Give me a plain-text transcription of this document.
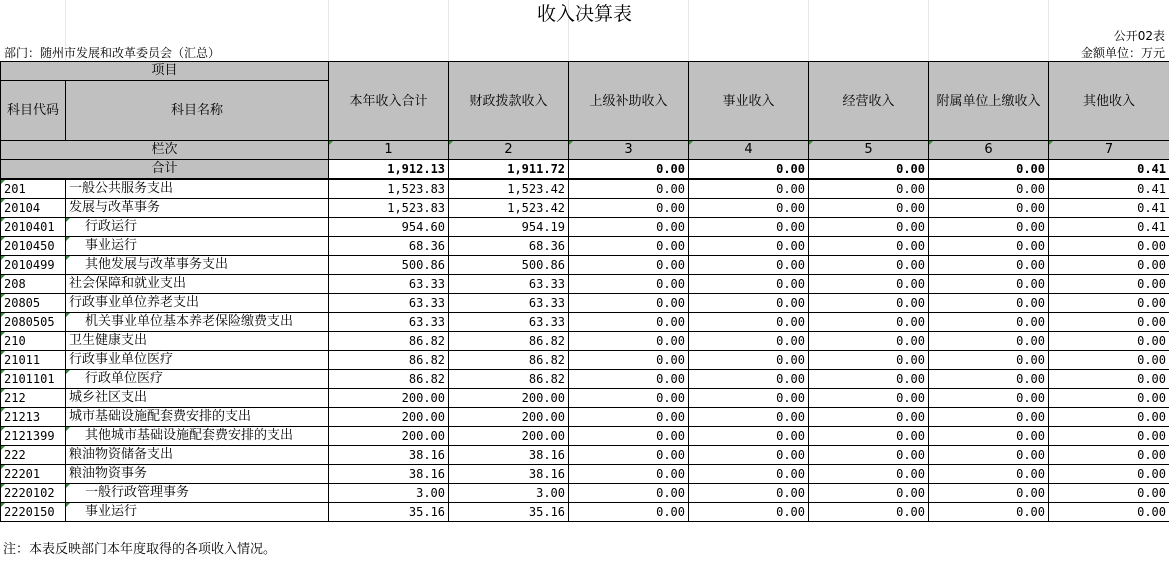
收入决算表
公开02表
部门：随州市发展和改革委员会（汇总）	金额单位：万元
项目		本年收入合计	财政拨款收入	上级补助收入	事业收入	经营收入	附属单位上缴收入	其他收入
科目代码	科目名称							

栏次		1	2	3	4	5	6	7
合计		1,912.13	1,911.72	0.00	0.00	0.00	0.00	0.41
201	一般公共服务支出	1,523.83	1,523.42	0.00	0.00	0.00	0.00	0.41
20104	发展与改革事务	1,523.83	1,523.42	0.00	0.00	0.00	0.00	0.41
2010401	行政运行	954.60	954.19	0.00	0.00	0.00	0.00	0.41
2010450	事业运行	68.36	68.36	0.00	0.00	0.00	0.00	0.00
2010499	其他发展与改革事务支出	500.86	500.86	0.00	0.00	0.00	0.00	0.00
208	社会保障和就业支出	63.33	63.33	0.00	0.00	0.00	0.00	0.00
20805	行政事业单位养老支出	63.33	63.33	0.00	0.00	0.00	0.00	0.00
2080505	机关事业单位基本养老保险缴费支出	63.33	63.33	0.00	0.00	0.00	0.00	0.00
210	卫生健康支出	86.82	86.82	0.00	0.00	0.00	0.00	0.00
21011	行政事业单位医疗	86.82	86.82	0.00	0.00	0.00	0.00	0.00
2101101	行政单位医疗	86.82	86.82	0.00	0.00	0.00	0.00	0.00
212	城乡社区支出	200.00	200.00	0.00	0.00	0.00	0.00	0.00
21213	城市基础设施配套费安排的支出	200.00	200.00	0.00	0.00	0.00	0.00	0.00
2121399	其他城市基础设施配套费安排的支出	200.00	200.00	0.00	0.00	0.00	0.00	0.00
222	粮油物资储备支出	38.16	38.16	0.00	0.00	0.00	0.00	0.00
22201	粮油物资事务	38.16	38.16	0.00	0.00	0.00	0.00	0.00
2220102	一般行政管理事务	3.00	3.00	0.00	0.00	0.00	0.00	0.00
2220150	事业运行	35.16	35.16	0.00	0.00	0.00	0.00	0.00
注：本表反映部门本年度取得的各项收入情况。
